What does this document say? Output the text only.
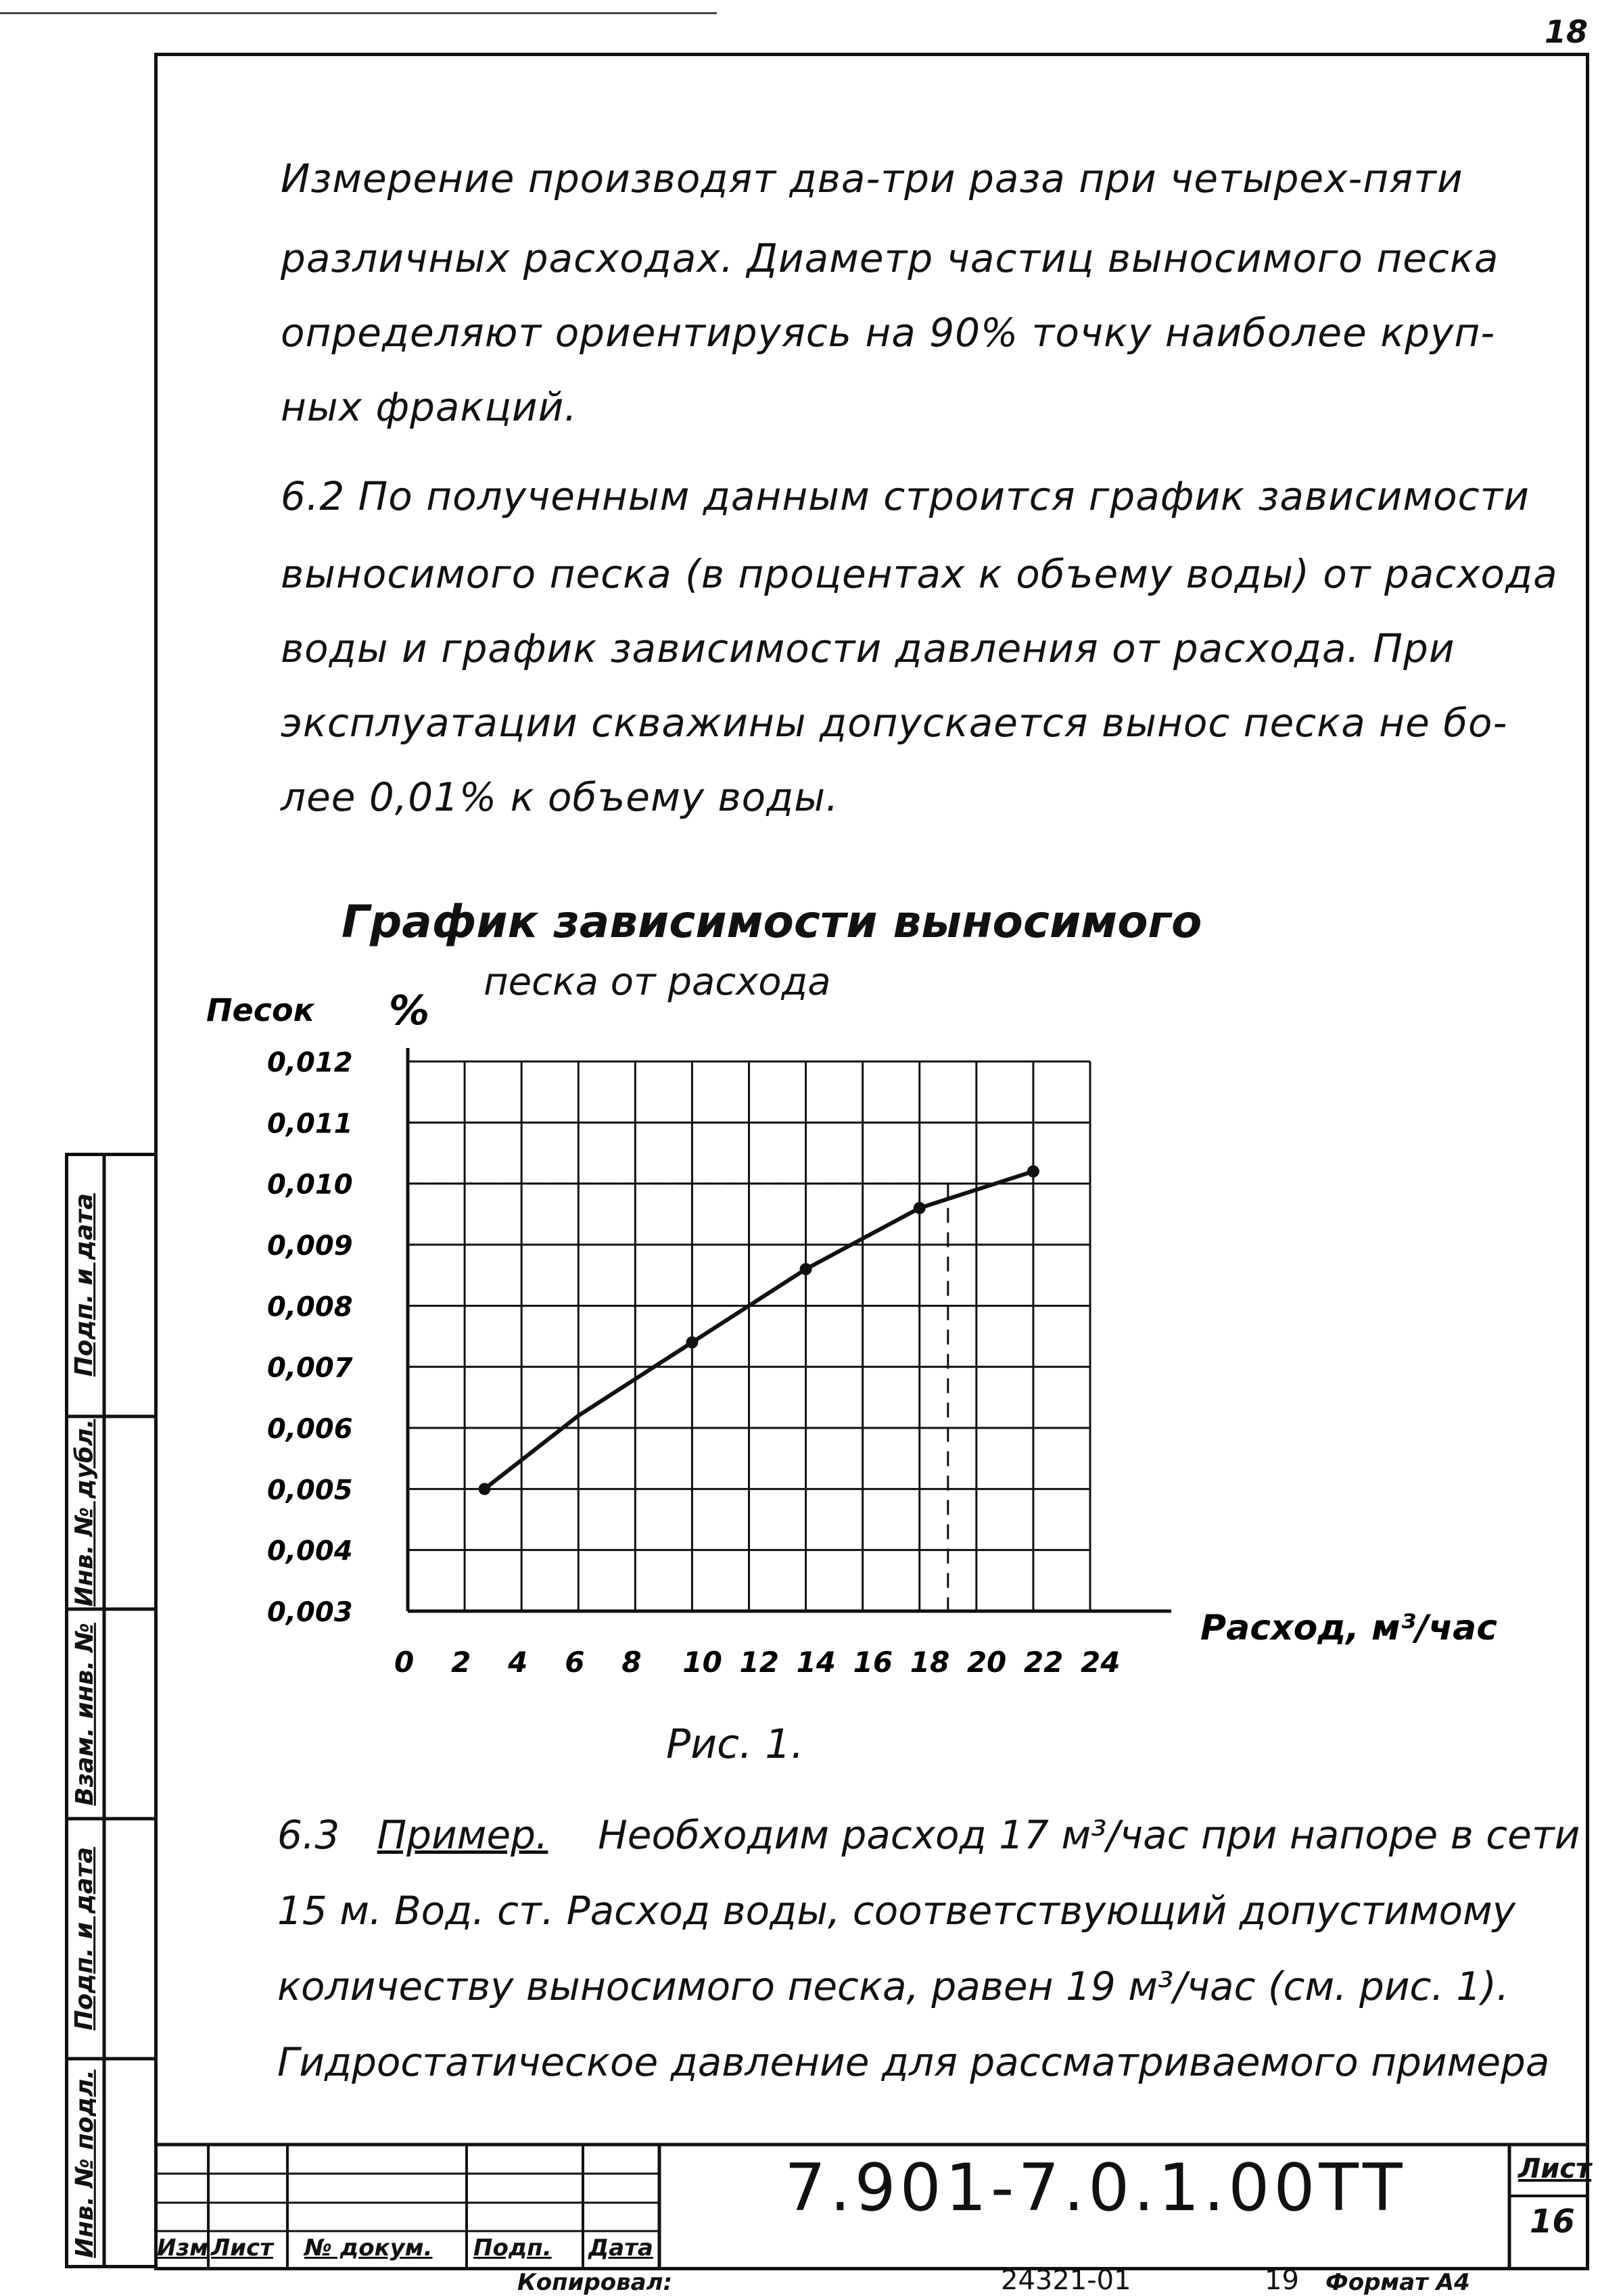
18
Измерение производят два-три раза при четырех-пяти
различных расходах. Диаметр частиц выносимого песка
определяют ориентируясь на 90% точку наиболее круп-
ных фракций.
6.2 По полученным данным строится график зависимости
выносимого песка (в процентах к объему воды) от расхода
воды и график зависимости давления от расхода. При
эксплуатации скважины допускается вынос песка не бо-
лее 0,01% к объему воды.
График зависимости выносимого
песка от расхода
0,003
0,004
0,005
0,006
0,007
0,008
0,009
0,010
0,011
0,012
0 2 4 6 8 10 12 14 16 18 20 22 24
Песок %
Расход, м³/час
Рис. 1.
6.3 Пример. Необходим расход 17 м³/час при напоре в сети
15 м. Вод. ст. Расход воды, соответствующий допустимому
количеству выносимого песка, равен 19 м³/час (см. рис. 1).
Гидростатическое давление для рассматриваемого примера
Подп. и дата
Инв. № дубл.
Взам. инв. №
Подп. и дата
Инв. № подл.	Изм Лист № докум. Подп. Дата
7.901-7.0.1.00ТТ	Лист
16
Копировал:	24321-01	19 Формат А4
